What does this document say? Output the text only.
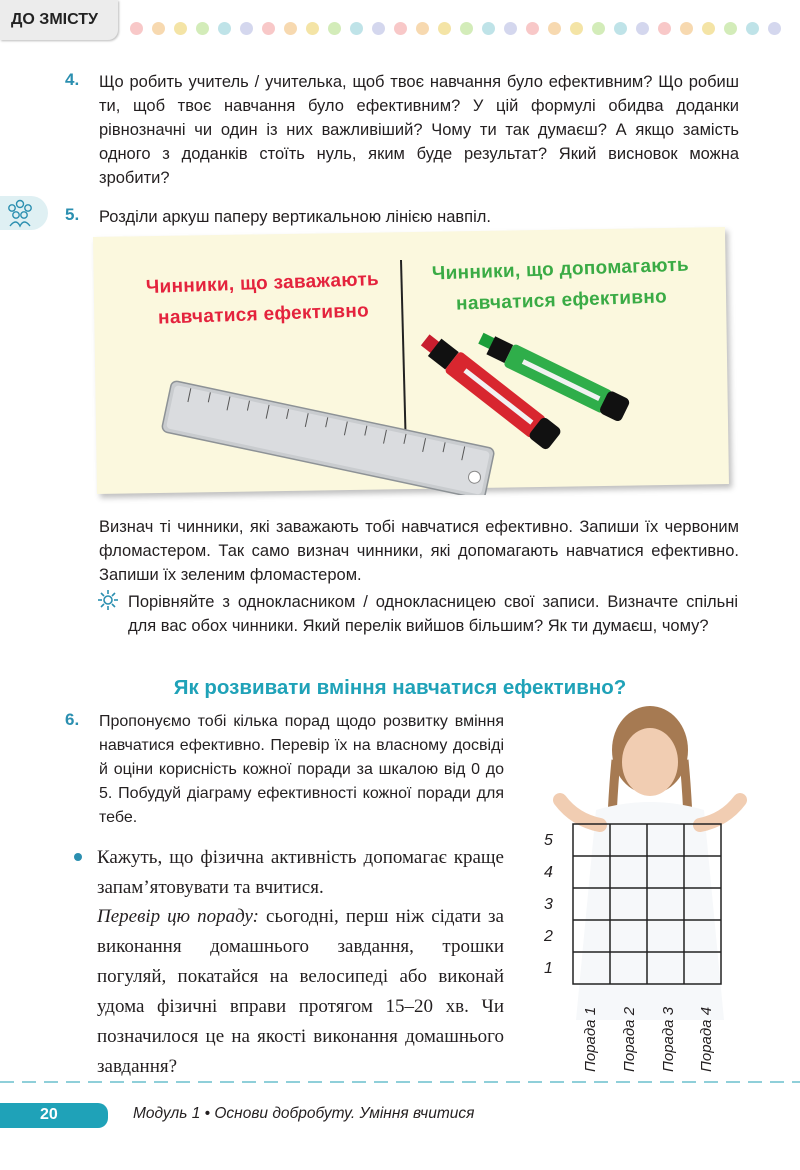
ДО ЗМІСТУ
4. Що робить учитель / учителька, щоб твоє навчання було ефективним? Що робиш ти, щоб твоє навчання було ефективним? У цій формулі обидва доданки рівнозначні чи один із них важливіший? Чому ти так думаєш? А якщо замість одного з доданків стоїть нуль, яким буде результат? Який висновок можна зробити?
5. Розділи аркуш паперу вертикальною лінією навпіл.
Чинники, що заважають
навчатися ефективно
Чинники, що допомагають
навчатися ефективно
Визнач ті чинники, які заважають тобі навчатися ефективно. Запиши їх червоним фломастером. Так само визнач чинники, які допомагають навчатися ефективно. Запиши їх зеленим фломастером.
Порівняйте з однокласником / однокласницею свої записи. Визначте спільні для вас обох чинники. Який перелік вийшов більшим? Як ти думаєш, чому?
Як розвивати вміння навчатися ефективно?
6. Пропонуємо тобі кілька порад щодо розвитку вміння навчатися ефективно. Перевір їх на власному досвіді й оціни корисність кожної поради за шкалою від 0 до 5. Побудуй діаграму ефективності кожної поради для тебе.
Кажуть, що фізична активність допомагає краще запам’ятовувати та вчитися.
Перевір цю пораду: сьогодні, перш ніж сідати за виконання домашнього завдання, трошки погуляй, покатайся на велосипеді або виконай удома фізичні вправи протягом 15–20 хв. Чи позначилося це на якості виконання домашнього завдання?
5
4
3
2
1
Порада 1 Порада 2 Порада 3 Порада 4
20	Модуль 1 • Основи добробуту. Уміння вчитися
